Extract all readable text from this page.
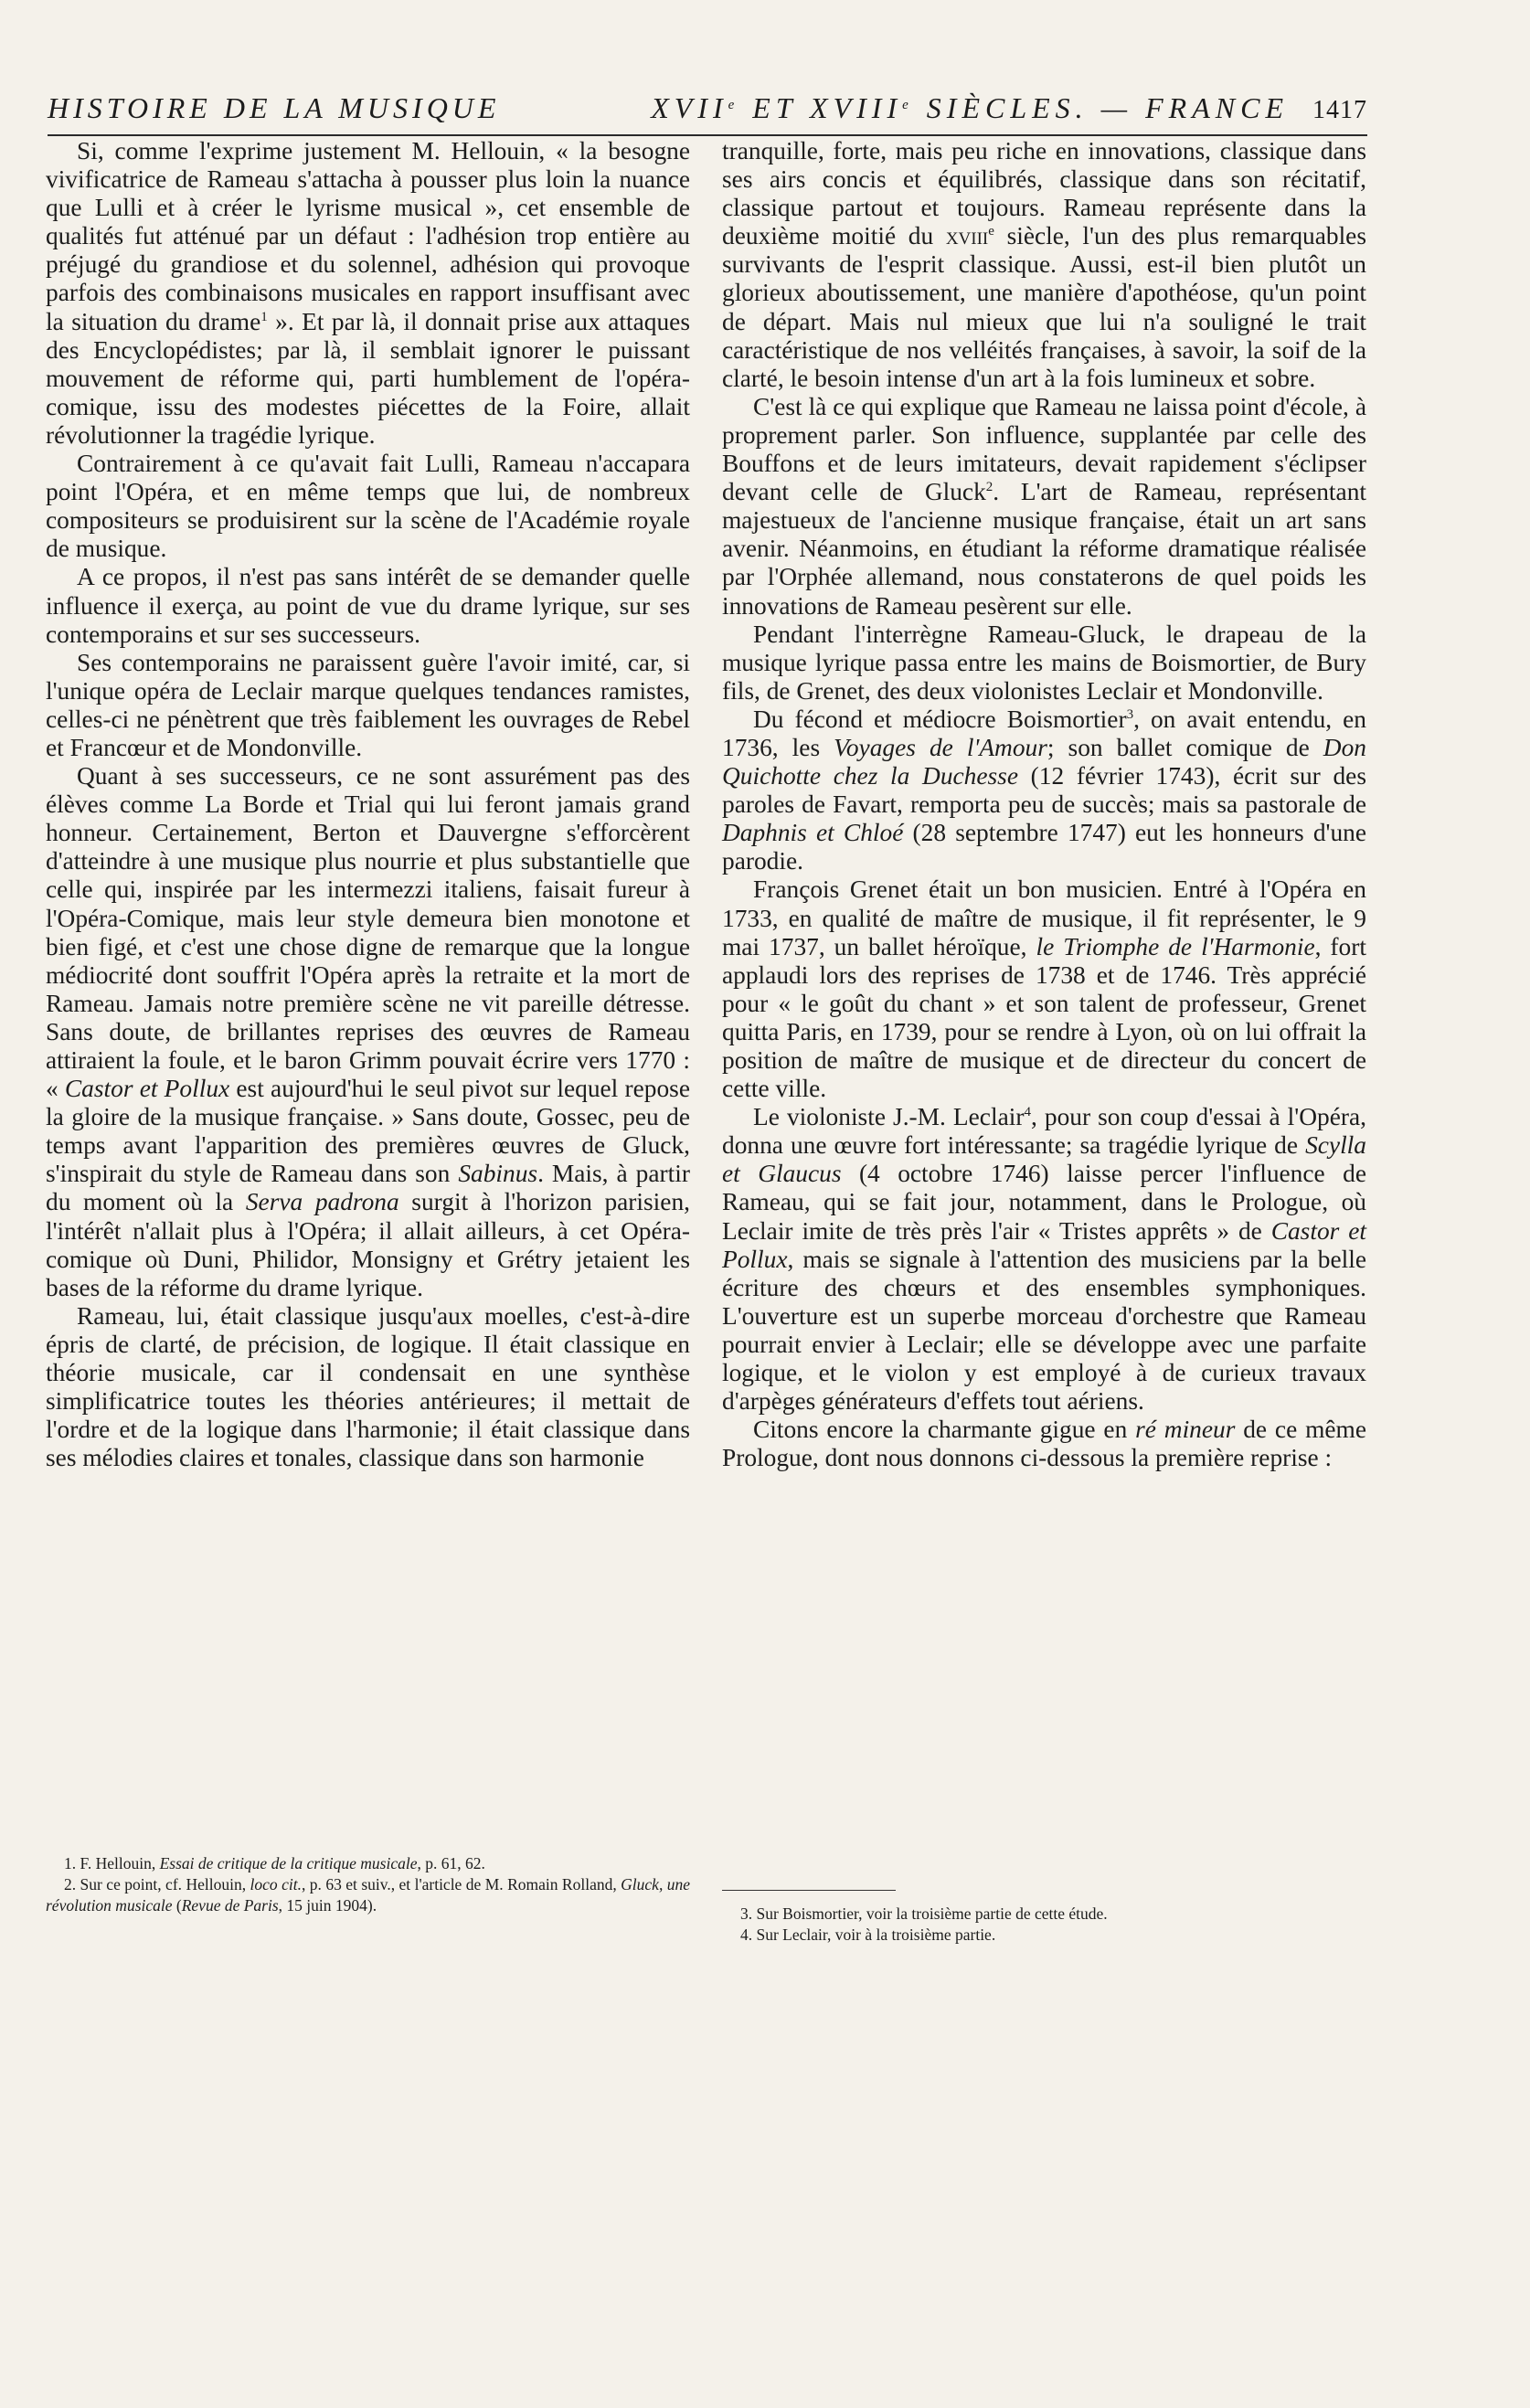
HISTOIRE DE LA MUSIQUE	XVIIe ET XVIIIe SIÈCLES. — FRANCE 1417

Si, comme l'exprime justement M. Hellouin, « la besogne vivificatrice de Rameau s'attacha à pousser plus loin la nuance que Lulli et à créer le lyrisme musical », cet ensemble de qualités fut atténué par un défaut : l'adhésion trop entière au préjugé du grandiose et du solennel, adhésion qui provoque parfois des combinaisons musicales en rapport insuffisant avec la situation du drame$^1$ ». Et par là, il donnait prise aux attaques des Encyclopédistes; par là, il semblait ignorer le puissant mouvement de réforme qui, parti humblement de l'opéra-comique, issu des modestes piécettes de la Foire, allait révolutionner la tragédie lyrique.

Contrairement à ce qu'avait fait Lulli, Rameau n'accapara point l'Opéra, et en même temps que lui, de nombreux compositeurs se produisirent sur la scène de l'Académie royale de musique.

A ce propos, il n'est pas sans intérêt de se demander quelle influence il exerça, au point de vue du drame lyrique, sur ses contemporains et sur ses successeurs.

Ses contemporains ne paraissent guère l'avoir imité, car, si l'unique opéra de Leclair marque quelques tendances ramistes, celles-ci ne pénètrent que très faiblement les ouvrages de Rebel et Francœur et de Mondonville.

Quant à ses successeurs, ce ne sont assurément pas des élèves comme La Borde et Trial qui lui feront jamais grand honneur. Certainement, Berton et Dauvergne s'efforcèrent d'atteindre à une musique plus nourrie et plus substantielle que celle qui, inspirée par les intermezzi italiens, faisait fureur à l'Opéra-Comique, mais leur style demeura bien monotone et bien figé, et c'est une chose digne de remarque que la longue médiocrité dont souffrit l'Opéra après la retraite et la mort de Rameau. Jamais notre première scène ne vit pareille détresse. Sans doute, de brillantes reprises des œuvres de Rameau attiraient la foule, et le baron Grimm pouvait écrire vers 1770 : « Castor et Pollux est aujourd'hui le seul pivot sur lequel repose la gloire de la musique française. » Sans doute, Gossec, peu de temps avant l'apparition des premières œuvres de Gluck, s'inspirait du style de Rameau dans son Sabinus. Mais, à partir du moment où la Serva padrona surgit à l'horizon parisien, l'intérêt n'allait plus à l'Opéra; il allait ailleurs, à cet Opéra-comique où Duni, Philidor, Monsigny et Grétry jetaient les bases de la réforme du drame lyrique.

Rameau, lui, était classique jusqu'aux moelles, c'est-à-dire épris de clarté, de précision, de logique. Il était classique en théorie musicale, car il condensait en une synthèse simplificatrice toutes les théories antérieures; il mettait de l'ordre et de la logique dans l'harmonie; il était classique dans ses mélodies claires et tonales, classique dans son harmonie

tranquille, forte, mais peu riche en innovations, classique dans ses airs concis et équilibrés, classique dans son récitatif, classique partout et toujours. Rameau représente dans la deuxième moitié du xviii$^e$ siècle, l'un des plus remarquables survivants de l'esprit classique. Aussi, est-il bien plutôt un glorieux aboutissement, une manière d'apothéose, qu'un point de départ. Mais nul mieux que lui n'a souligné le trait caractéristique de nos velléités françaises, à savoir, la soif de la clarté, le besoin intense d'un art à la fois lumineux et sobre.

C'est là ce qui explique que Rameau ne laissa point d'école, à proprement parler. Son influence, supplantée par celle des Bouffons et de leurs imitateurs, devait rapidement s'éclipser devant celle de Gluck$^2$. L'art de Rameau, représentant majestueux de l'ancienne musique française, était un art sans avenir. Néanmoins, en étudiant la réforme dramatique réalisée par l'Orphée allemand, nous constaterons de quel poids les innovations de Rameau pesèrent sur elle.

Pendant l'interrègne Rameau-Gluck, le drapeau de la musique lyrique passa entre les mains de Boismortier, de Bury fils, de Grenet, des deux violonistes Leclair et Mondonville.

Du fécond et médiocre Boismortier$^3$, on avait entendu, en 1736, les Voyages de l'Amour; son ballet comique de Don Quichotte chez la Duchesse (12 février 1743), écrit sur des paroles de Favart, remporta peu de succès; mais sa pastorale de Daphnis et Chloé (28 septembre 1747) eut les honneurs d'une parodie.

François Grenet était un bon musicien. Entré à l'Opéra en 1733, en qualité de maître de musique, il fit représenter, le 9 mai 1737, un ballet héroïque, le Triomphe de l'Harmonie, fort applaudi lors des reprises de 1738 et de 1746. Très apprécié pour « le goût du chant » et son talent de professeur, Grenet quitta Paris, en 1739, pour se rendre à Lyon, où on lui offrait la position de maître de musique et de directeur du concert de cette ville.

Le violoniste J.-M. Leclair$^4$, pour son coup d'essai à l'Opéra, donna une œuvre fort intéressante; sa tragédie lyrique de Scylla et Glaucus (4 octobre 1746) laisse percer l'influence de Rameau, qui se fait jour, notamment, dans le Prologue, où Leclair imite de très près l'air « Tristes apprêts » de Castor et Pollux, mais se signale à l'attention des musiciens par la belle écriture des chœurs et des ensembles symphoniques. L'ouverture est un superbe morceau d'orchestre que Rameau pourrait envier à Leclair; elle se développe avec une parfaite logique, et le violon y est employé à de curieux travaux d'arpèges générateurs d'effets tout aériens.

Citons encore la charmante gigue en ré mineur de ce même Prologue, dont nous donnons ci-dessous la première reprise :

1. F. Hellouin, Essai de critique de la critique musicale, p. 61, 62.

2. Sur ce point, cf. Hellouin, loco cit., p. 63 et suiv., et l'article de M. Romain Rolland, Gluck, une révolution musicale (Revue de Paris, 15 juin 1904).	3. Sur Boismortier, voir la troisième partie de cette étude.

4. Sur Leclair, voir à la troisième partie.
